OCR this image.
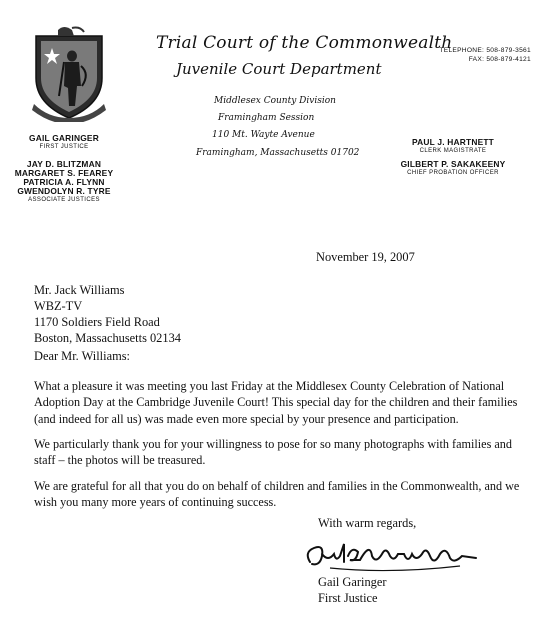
GAIL GARINGER
FIRST JUSTICE
JAY D. BLITZMAN
MARGARET S. FEAREY
PATRICIA A. FLYNN
GWENDOLYN R. TYRE
ASSOCIATE JUSTICES
Trial Court of the Commonwealth
Juvenile Court Department
Middlesex County Division
Framingham Session
110 Mt. Wayte Avenue
Framingham, Massachusetts 01702
TELEPHONE: 508-879-3561
FAX: 508-879-4121
PAUL J. HARTNETT
CLERK MAGISTRATE
GILBERT P. SAKAKEENY
CHIEF PROBATION OFFICER
November 19, 2007
Mr. Jack Williams
WBZ-TV
1170 Soldiers Field Road
Boston, Massachusetts 02134
Dear Mr. Williams:
What a pleasure it was meeting you last Friday at the Middlesex County Celebration of National Adoption Day at the Cambridge Juvenile Court! This special day for the children and their families (and indeed for all us) was made even more special by your presence and participation.
We particularly thank you for your willingness to pose for so many photographs with families and staff – the photos will be treasured.
We are grateful for all that you do on behalf of children and families in the Commonwealth, and we wish you many more years of continuing success.
With warm regards,
Gail Garinger
First Justice
